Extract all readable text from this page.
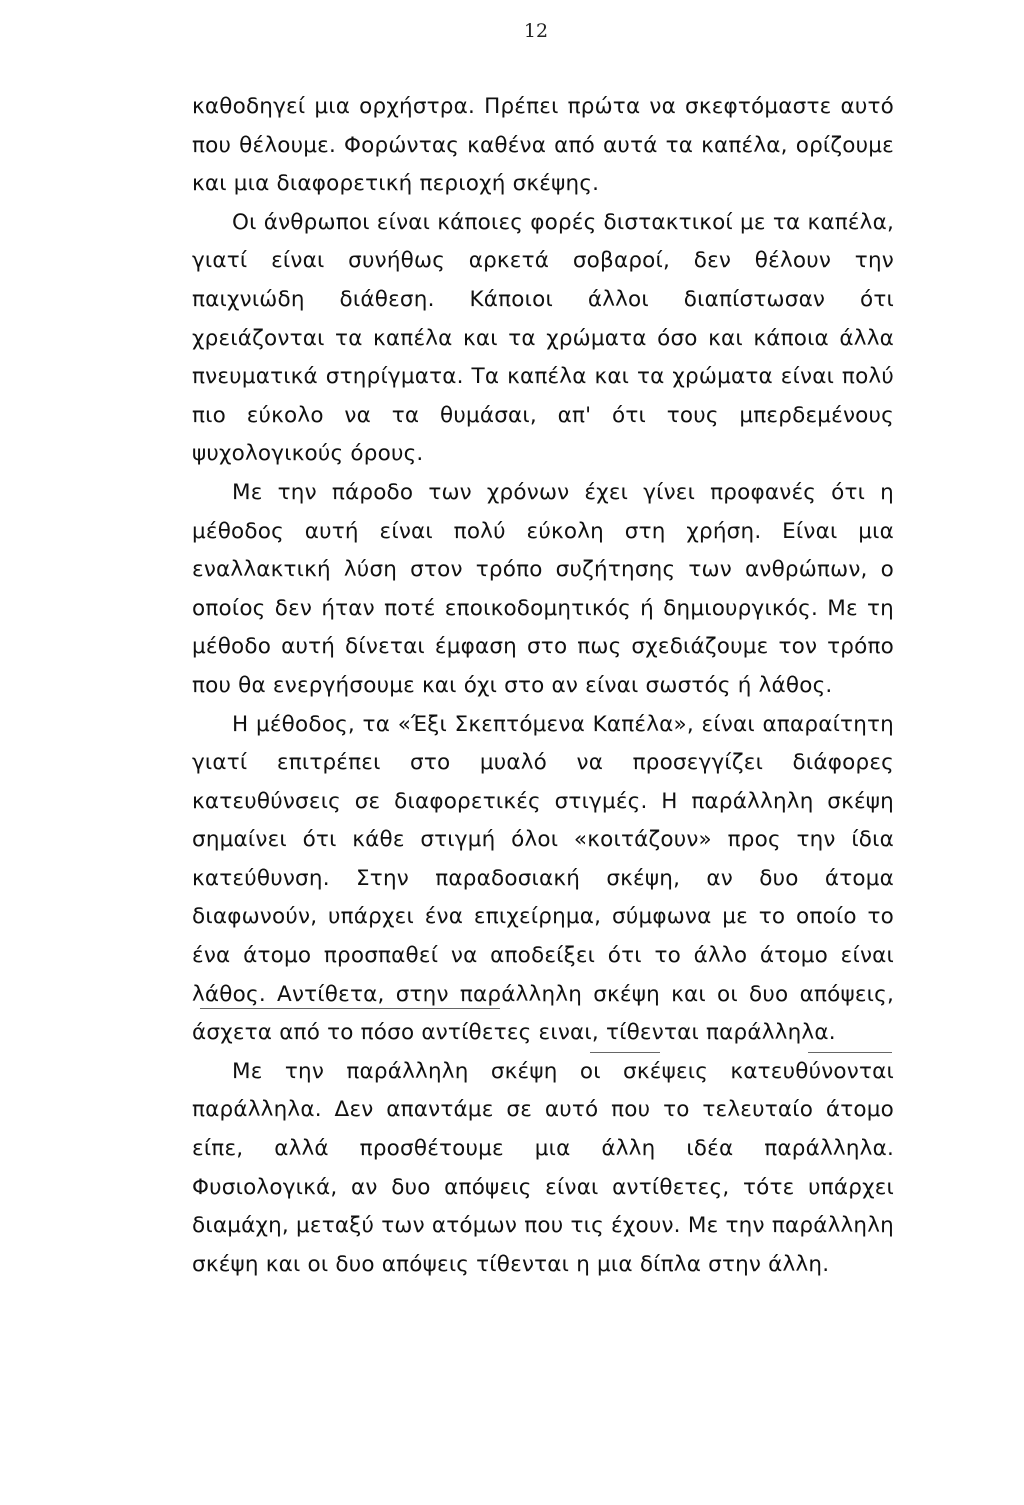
12

καθοδηγεί μια ορχήστρα. Πρέπει πρώτα να σκεφτόμαστε αυτό που θέλουμε. Φορώντας καθένα από αυτά τα καπέλα, ορίζουμε και μια διαφορετική περιοχή σκέψης.

Οι άνθρωποι είναι κάποιες φορές διστακτικοί με τα καπέλα, γιατί είναι συνήθως αρκετά σοβαροί, δεν θέλουν την παιχνιώδη διάθεση. Κάποιοι άλλοι διαπίστωσαν ότι χρειάζονται τα καπέλα και τα χρώματα όσο και κάποια άλλα πνευματικά στηρίγματα. Τα καπέλα και τα χρώματα είναι πολύ πιο εύκολο να τα θυμάσαι, απ' ότι τους μπερδεμένους ψυχολογικούς όρους.

Με την πάροδο των χρόνων έχει γίνει προφανές ότι η μέθοδος αυτή είναι πολύ εύκολη στη χρήση. Είναι μια εναλλακτική λύση στον τρόπο συζήτησης των ανθρώπων, ο οποίος δεν ήταν ποτέ εποικοδομητικός ή δημιουργικός. Με τη μέθοδο αυτή δίνεται έμφαση στο πως σχεδιάζουμε τον τρόπο που θα ενεργήσουμε και όχι στο αν είναι σωστός ή λάθος.

Η μέθοδος, τα «Έξι Σκεπτόμενα Καπέλα», είναι απαραίτητη γιατί επιτρέπει στο μυαλό να προσεγγίζει διάφορες κατευθύνσεις σε διαφορετικές στιγμές. Η παράλληλη σκέψη σημαίνει ότι κάθε στιγμή όλοι «κοιτάζουν» προς την ίδια κατεύθυνση. Στην παραδοσιακή σκέψη, αν δυο άτομα διαφωνούν, υπάρχει ένα επιχείρημα, σύμφωνα με το οποίο το ένα άτομο προσπαθεί να αποδείξει ότι το άλλο άτομο είναι λάθος. Αντίθετα, στην παράλληλη σκέψη και οι δυο απόψεις, άσχετα από το πόσο αντίθετες ειναι, τίθενται παράλληλα.

Με την παράλληλη σκέψη οι σκέψεις κατευθύνονται παράλληλα. Δεν απαντάμε σε αυτό που το τελευταίο άτομο είπε, αλλά προσθέτουμε μια άλλη ιδέα παράλληλα. Φυσιολογικά, αν δυο απόψεις είναι αντίθετες, τότε υπάρχει διαμάχη, μεταξύ των ατόμων που τις έχουν. Με την παράλληλη σκέψη και οι δυο απόψεις τίθενται η μια δίπλα στην άλλη.
